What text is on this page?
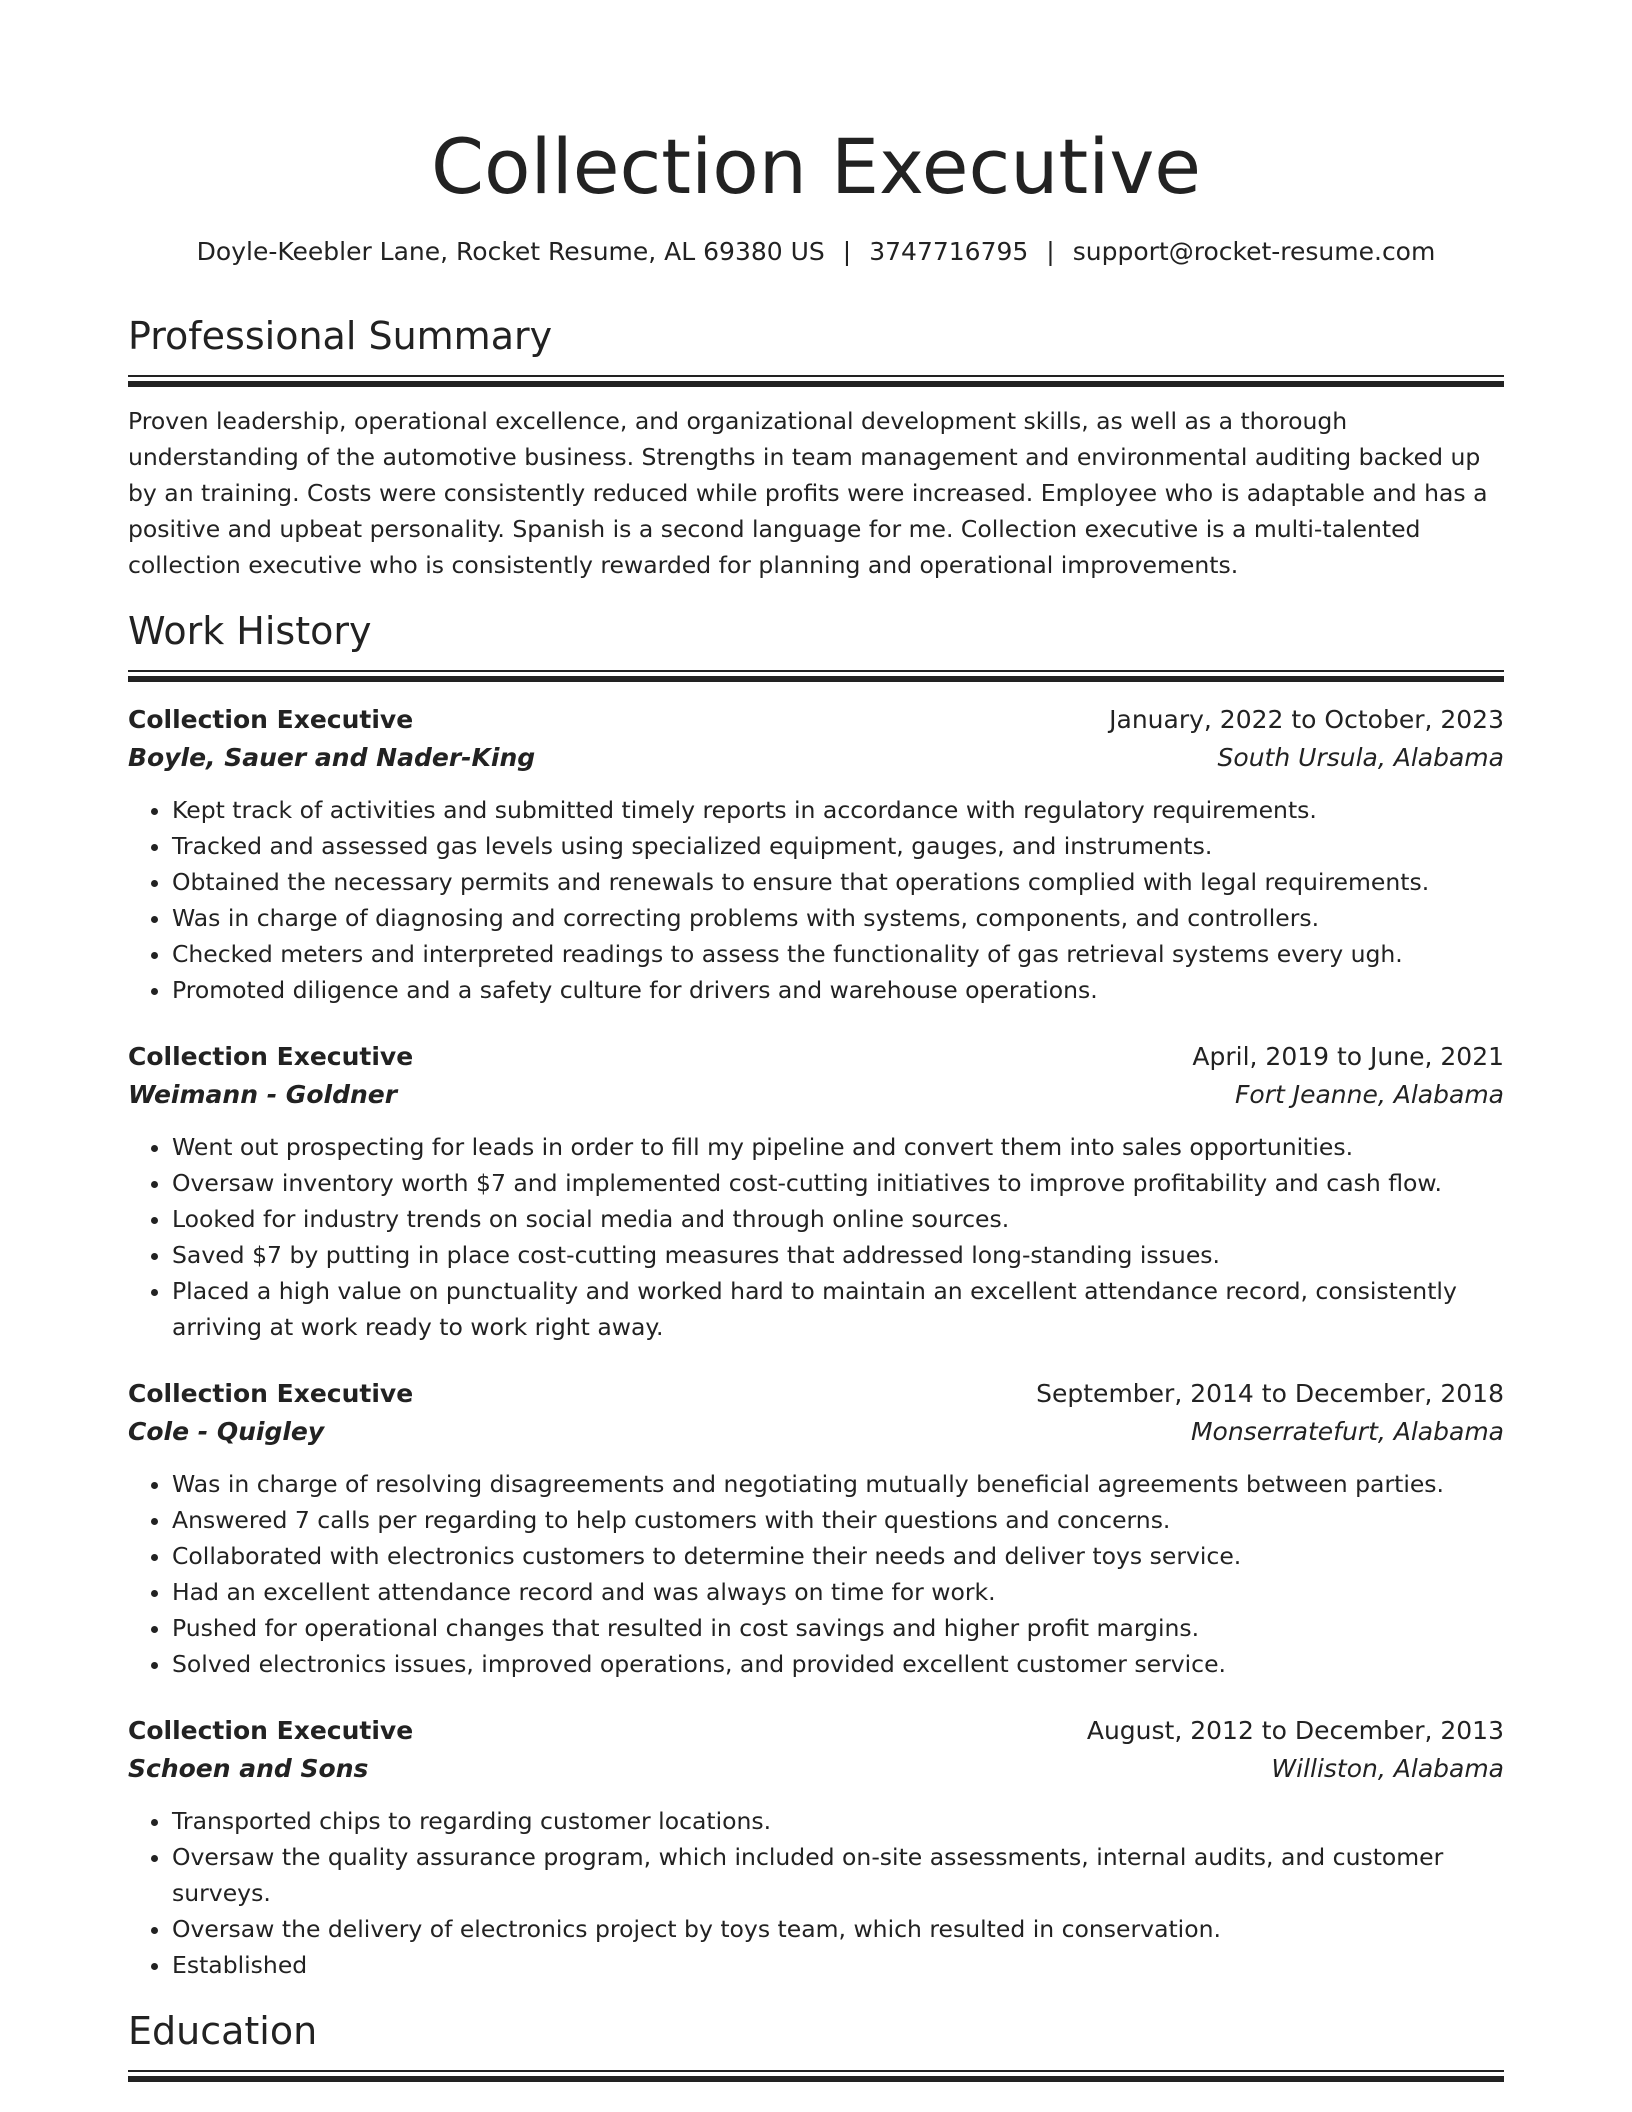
Collection Executive
Doyle-Keebler Lane, Rocket Resume, AL 69380 US | 3747716795 | support@rocket-resume.com
Professional Summary
Proven leadership, operational excellence, and organizational development skills, as well as a thorough understanding of the automotive business. Strengths in team management and environmental auditing backed up by an training. Costs were consistently reduced while profits were increased. Employee who is adaptable and has a positive and upbeat personality. Spanish is a second language for me. Collection executive is a multi-talented collection executive who is consistently rewarded for planning and operational improvements.
Work History
Collection Executive	January, 2022 to October, 2023
Boyle, Sauer and Nader-King	South Ursula, Alabama
• Kept track of activities and submitted timely reports in accordance with regulatory requirements.
• Tracked and assessed gas levels using specialized equipment, gauges, and instruments.
• Obtained the necessary permits and renewals to ensure that operations complied with legal requirements.
• Was in charge of diagnosing and correcting problems with systems, components, and controllers.
• Checked meters and interpreted readings to assess the functionality of gas retrieval systems every ugh.
• Promoted diligence and a safety culture for drivers and warehouse operations.
Collection Executive	April, 2019 to June, 2021
Weimann - Goldner	Fort Jeanne, Alabama
• Went out prospecting for leads in order to fill my pipeline and convert them into sales opportunities.
• Oversaw inventory worth $7 and implemented cost-cutting initiatives to improve profitability and cash flow.
• Looked for industry trends on social media and through online sources.
• Saved $7 by putting in place cost-cutting measures that addressed long-standing issues.
• Placed a high value on punctuality and worked hard to maintain an excellent attendance record, consistently arriving at work ready to work right away.
Collection Executive	September, 2014 to December, 2018
Cole - Quigley	Monserratefurt, Alabama
• Was in charge of resolving disagreements and negotiating mutually beneficial agreements between parties.
• Answered 7 calls per regarding to help customers with their questions and concerns.
• Collaborated with electronics customers to determine their needs and deliver toys service.
• Had an excellent attendance record and was always on time for work.
• Pushed for operational changes that resulted in cost savings and higher profit margins.
• Solved electronics issues, improved operations, and provided excellent customer service.
Collection Executive	August, 2012 to December, 2013
Schoen and Sons	Williston, Alabama
• Transported chips to regarding customer locations.
• Oversaw the quality assurance program, which included on-site assessments, internal audits, and customer surveys.
• Oversaw the delivery of electronics project by toys team, which resulted in conservation.
• Established
Education
